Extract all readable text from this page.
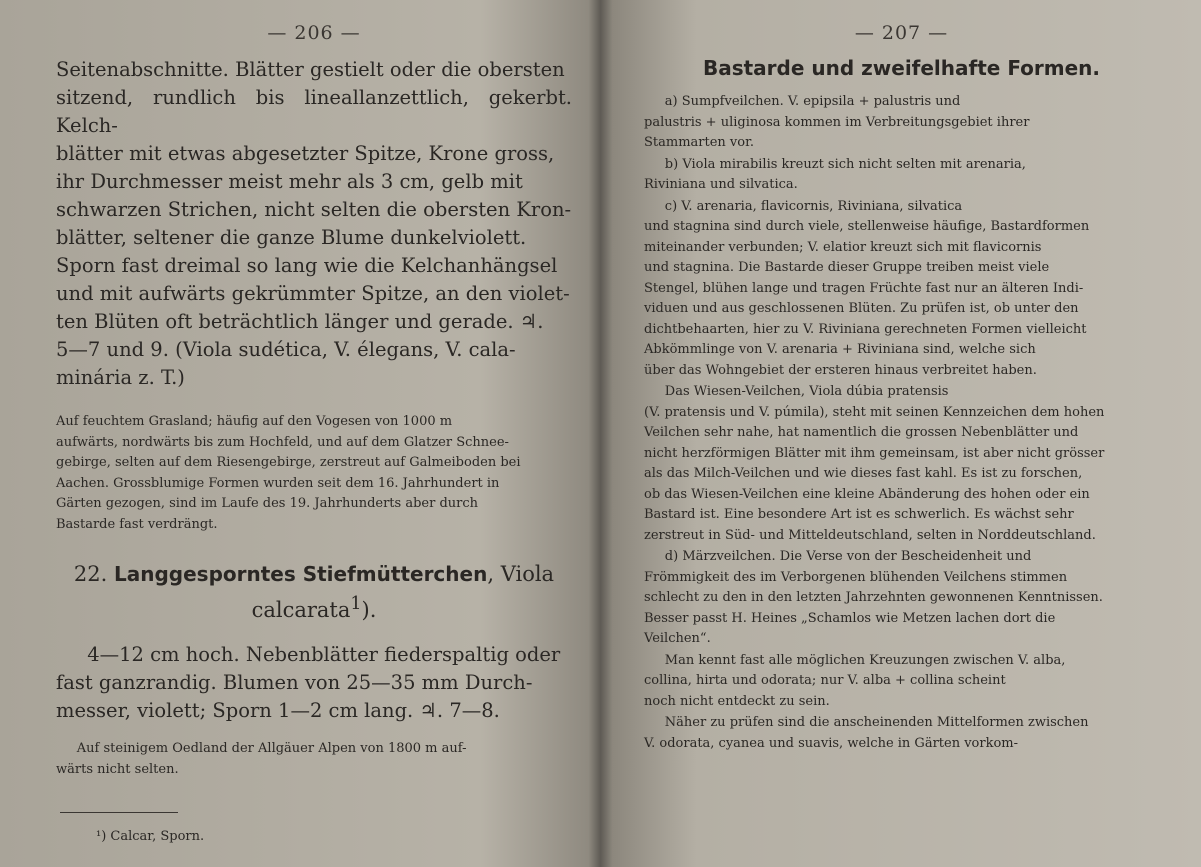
— 206 —
Seitenabschnitte. Blätter gestielt oder die obersten
sitzend, rundlich bis lineallanzettlich, gekerbt. Kelch-
blätter mit etwas abgesetzter Spitze, Krone gross,
ihr Durchmesser meist mehr als 3 cm, gelb mit
schwarzen Strichen, nicht selten die obersten Kron-
blätter, seltener die ganze Blume dunkelviolett.
Sporn fast dreimal so lang wie die Kelchanhängsel
und mit aufwärts gekrümmter Spitze, an den violet-
ten Blüten oft beträchtlich länger und gerade. ♃.
5—7 und 9. (Viola sudética, V. élegans, V. cala-
minária z. T.)
Auf feuchtem Grasland; häufig auf den Vogesen von 1000 m
aufwärts, nordwärts bis zum Hochfeld, und auf dem Glatzer Schnee-
gebirge, selten auf dem Riesengebirge, zerstreut auf Galmeiboden bei
Aachen. Grossblumige Formen wurden seit dem 16. Jahrhundert in
Gärten gezogen, sind im Laufe des 19. Jahrhunderts aber durch
Bastarde fast verdrängt.
22. Langgesporntes Stiefmütterchen, Viola
calcarata$^1$).
4—12 cm hoch. Nebenblätter fiederspaltig oder
fast ganzrandig. Blumen von 25—35 mm Durch-
messer, violett; Sporn 1—2 cm lang. ♃. 7—8.
Auf steinigem Oedland der Allgäuer Alpen von 1800 m auf-
wärts nicht selten.
¹) Calcar, Sporn.
— 207 —
Bastarde und zweifelhafte Formen.
a) Sumpfveilchen. V. epipsila + palustris und
palustris + uliginosa kommen im Verbreitungsgebiet ihrer
Stammarten vor.
b) Viola mirabilis kreuzt sich nicht selten mit arenaria,
Riviniana und silvatica.
c) V. arenaria, flavicornis, Riviniana, silvatica
und stagnina sind durch viele, stellenweise häufige, Bastardformen
miteinander verbunden; V. elatior kreuzt sich mit flavicornis
und stagnina. Die Bastarde dieser Gruppe treiben meist viele
Stengel, blühen lange und tragen Früchte fast nur an älteren Indi-
viduen und aus geschlossenen Blüten. Zu prüfen ist, ob unter den
dichtbehaarten, hier zu V. Riviniana gerechneten Formen vielleicht
Abkömmlinge von V. arenaria + Riviniana sind, welche sich
über das Wohngebiet der ersteren hinaus verbreitet haben.
Das Wiesen-Veilchen, Viola dúbia pratensis
(V. pratensis und V. púmila), steht mit seinen Kennzeichen dem hohen
Veilchen sehr nahe, hat namentlich die grossen Nebenblätter und
nicht herzförmigen Blätter mit ihm gemeinsam, ist aber nicht grösser
als das Milch-Veilchen und wie dieses fast kahl. Es ist zu forschen,
ob das Wiesen-Veilchen eine kleine Abänderung des hohen oder ein
Bastard ist. Eine besondere Art ist es schwerlich. Es wächst sehr
zerstreut in Süd- und Mitteldeutschland, selten in Norddeutschland.
d) Märzveilchen. Die Verse von der Bescheidenheit und
Frömmigkeit des im Verborgenen blühenden Veilchens stimmen
schlecht zu den in den letzten Jahrzehnten gewonnenen Kenntnissen.
Besser passt H. Heines „Schamlos wie Metzen lachen dort die
Veilchen“.
Man kennt fast alle möglichen Kreuzungen zwischen V. alba,
collina, hirta und odorata; nur V. alba + collina scheint
noch nicht entdeckt zu sein.
Näher zu prüfen sind die anscheinenden Mittelformen zwischen
V. odorata, cyanea und suavis, welche in Gärten vorkom-
